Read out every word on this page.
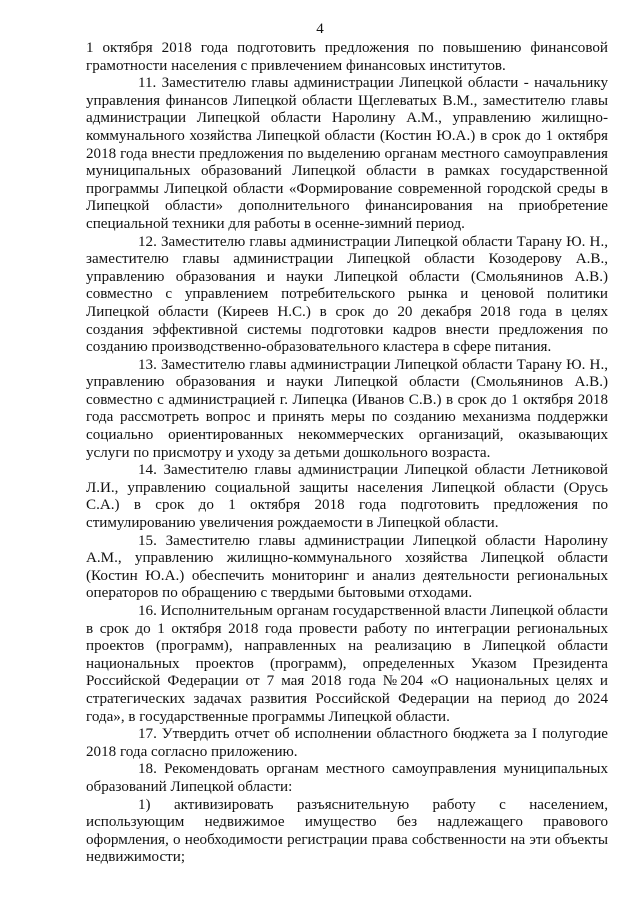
4

1 октября 2018 года подготовить предложения по повышению финансовой грамотности населения с привлечением финансовых институтов.

11. Заместителю главы администрации Липецкой области - начальнику управления финансов Липецкой области Щеглеватых В.М., заместителю главы администрации Липецкой области Наролину А.М., управлению жилищно-коммунального хозяйства Липецкой области (Костин Ю.А.) в срок до 1 октября 2018 года внести предложения по выделению органам местного самоуправления муниципальных образований Липецкой области в рамках государственной программы Липецкой области «Формирование современной городской среды в Липецкой области» дополнительного финансирования на приобретение специальной техники для работы в осенне-зимний период.

12. Заместителю главы администрации Липецкой области Тарану Ю. Н., заместителю главы администрации Липецкой области Козодерову А.В., управлению образования и науки Липецкой области (Смольянинов А.В.) совместно с управлением потребительского рынка и ценовой политики Липецкой области (Киреев Н.С.) в срок до 20 декабря 2018 года в целях создания эффективной системы подготовки кадров внести предложения по созданию производственно-образовательного кластера в сфере питания.

13. Заместителю главы администрации Липецкой области Тарану Ю. Н., управлению образования и науки Липецкой области (Смольянинов А.В.) совместно с администрацией г. Липецка (Иванов С.В.) в срок до 1 октября 2018 года рассмотреть вопрос и принять меры по созданию механизма поддержки социально ориентированных некоммерческих организаций, оказывающих услуги по присмотру и уходу за детьми дошкольного возраста.

14. Заместителю главы администрации Липецкой области Летниковой Л.И., управлению социальной защиты населения Липецкой области (Орусь С.А.) в срок до 1 октября 2018 года подготовить предложения по стимулированию увеличения рождаемости в Липецкой области.

15. Заместителю главы администрации Липецкой области Наролину А.М., управлению жилищно-коммунального хозяйства Липецкой области (Костин Ю.А.) обеспечить мониторинг и анализ деятельности региональных операторов по обращению с твердыми бытовыми отходами.

16. Исполнительным органам государственной власти Липецкой области в срок до 1 октября 2018 года провести работу по интеграции региональных проектов (программ), направленных на реализацию в Липецкой области национальных проектов (программ), определенных Указом Президента Российской Федерации от 7 мая 2018 года №204 «О национальных целях и стратегических задачах развития Российской Федерации на период до 2024 года», в государственные программы Липецкой области.

17. Утвердить отчет об исполнении областного бюджета за I полугодие 2018 года согласно приложению.

18. Рекомендовать органам местного самоуправления муниципальных образований Липецкой области:

1) активизировать разъяснительную работу с населением, использующим недвижимое имущество без надлежащего правового оформления, о необходимости регистрации права собственности на эти объекты недвижимости;
